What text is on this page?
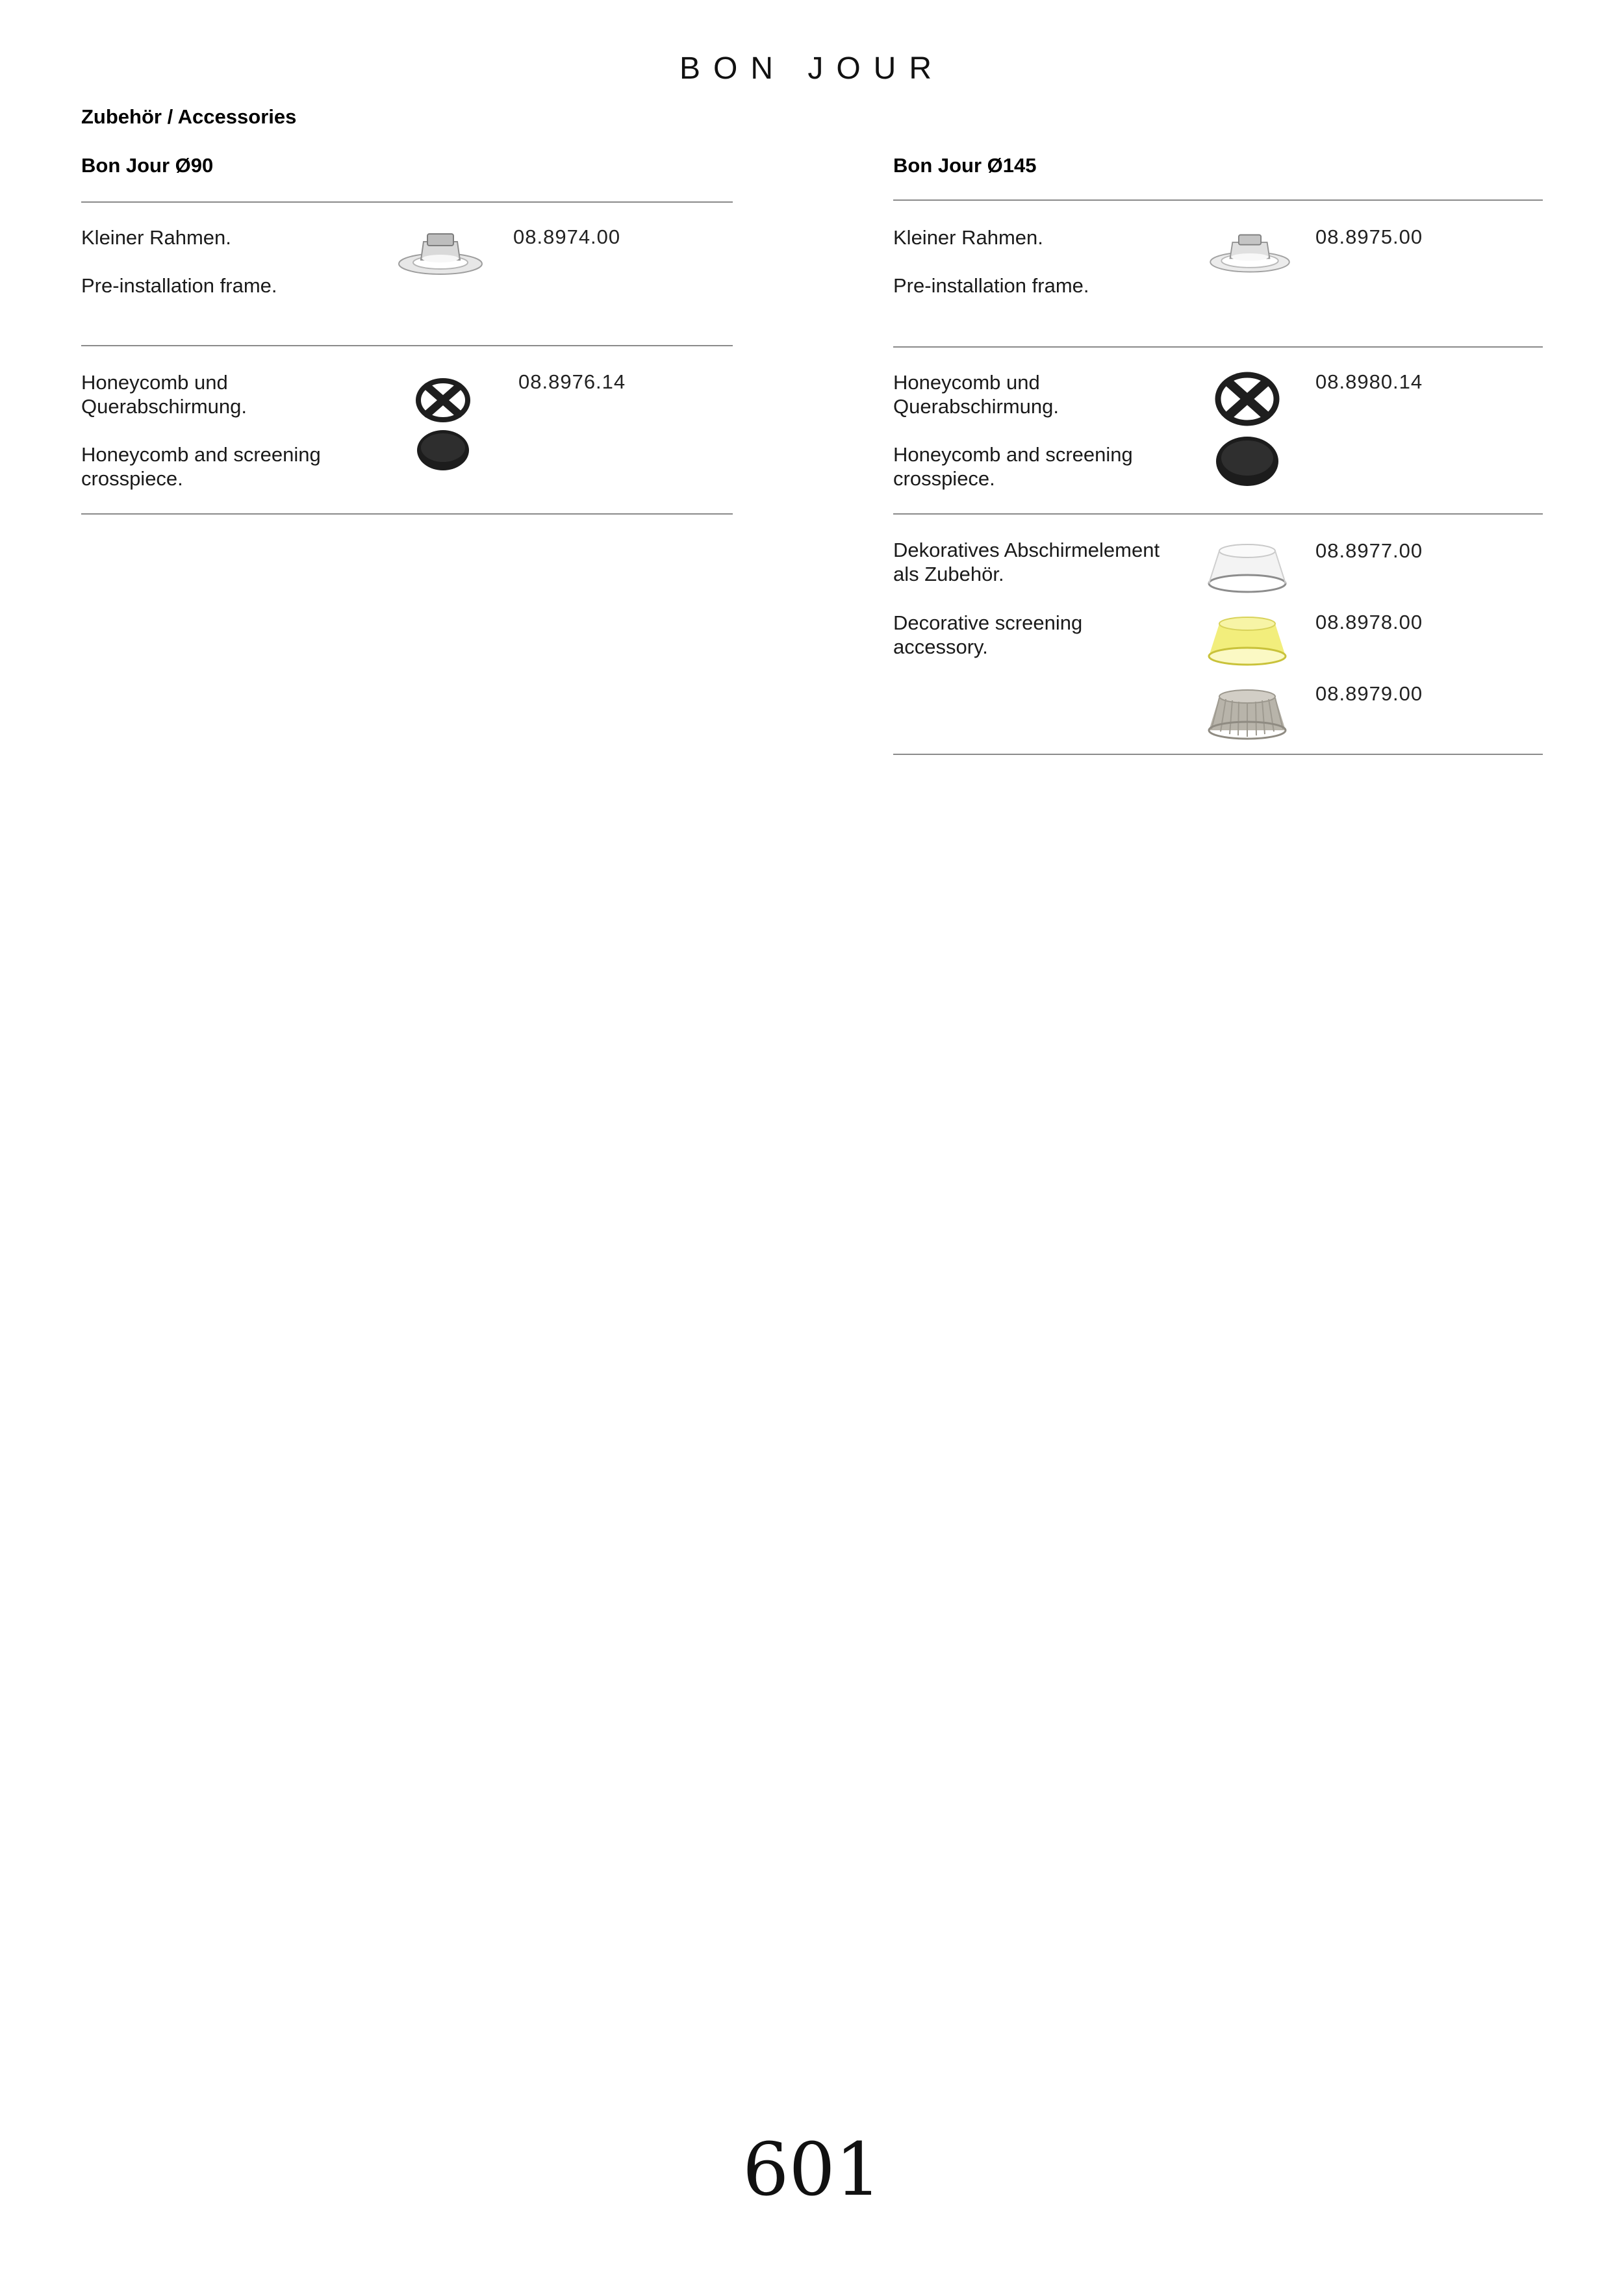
BON JOUR
Zubehör / Accessories
Bon Jour Ø90
Kleiner Rahmen.
Pre-installation frame.
08.8974.00
Honeycomb und Querabschirmung.
Honeycomb and screening crosspiece.
08.8976.14
Bon Jour Ø145
Kleiner Rahmen.
Pre-installation frame.
08.8975.00
Honeycomb und Querabschirmung.
Honeycomb and screening crosspiece.
08.8980.14
Dekoratives Abschirmelement als Zubehör.
Decorative screening accessory.
08.8977.00
08.8978.00
08.8979.00
601
